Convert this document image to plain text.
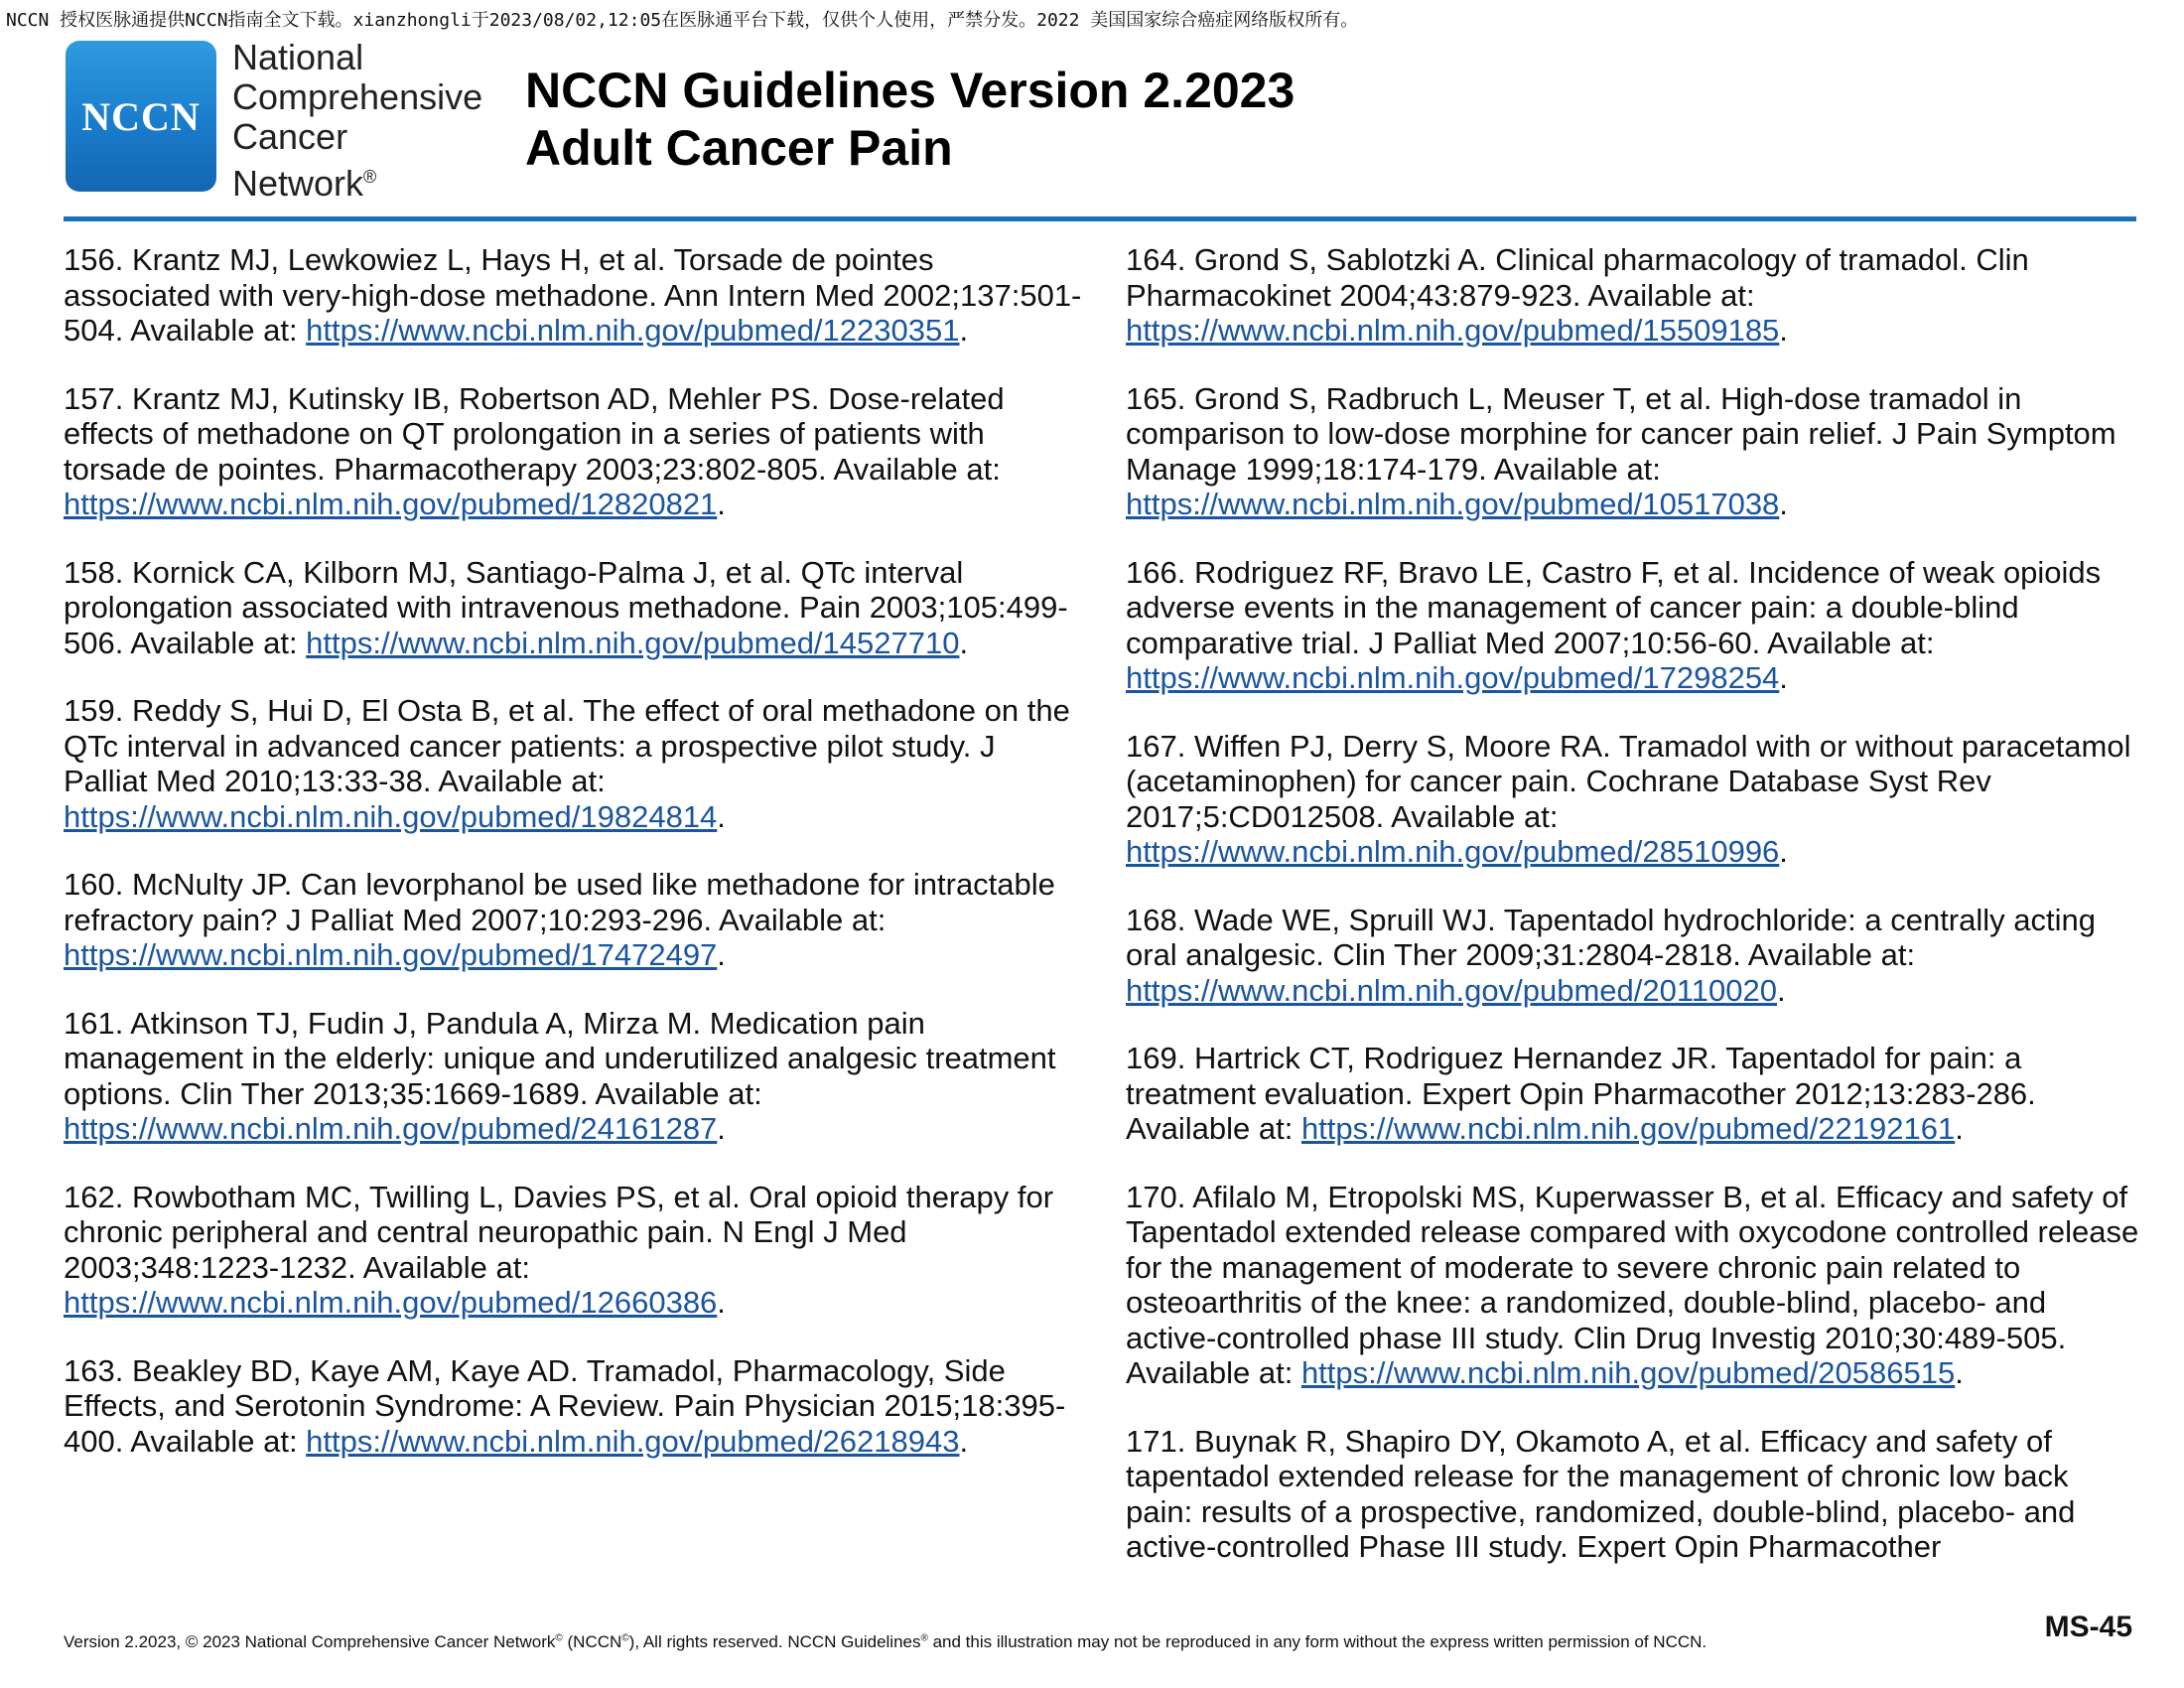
NCCN 授权医脉通提供NCCN指南全文下载。xianzhongli于2023/08/02,12:05在医脉通平台下载，仅供个人使用，严禁分发。2022 美国国家综合癌症网络版权所有。
NCCN
National
Comprehensive
Cancer
Network®
NCCN Guidelines Version 2.2023
Adult Cancer Pain

156. Krantz MJ, Lewkowiez L, Hays H, et al. Torsade de pointes associated with very-high-dose methadone. Ann Intern Med 2002;137:501-504. Available at: https://www.ncbi.nlm.nih.gov/pubmed/12230351.

157. Krantz MJ, Kutinsky IB, Robertson AD, Mehler PS. Dose-related effects of methadone on QT prolongation in a series of patients with torsade de pointes. Pharmacotherapy 2003;23:802-805. Available at: https://www.ncbi.nlm.nih.gov/pubmed/12820821.

158. Kornick CA, Kilborn MJ, Santiago-Palma J, et al. QTc interval prolongation associated with intravenous methadone. Pain 2003;105:499-506. Available at: https://www.ncbi.nlm.nih.gov/pubmed/14527710.

159. Reddy S, Hui D, El Osta B, et al. The effect of oral methadone on the QTc interval in advanced cancer patients: a prospective pilot study. J Palliat Med 2010;13:33-38. Available at: https://www.ncbi.nlm.nih.gov/pubmed/19824814.

160. McNulty JP. Can levorphanol be used like methadone for intractable refractory pain? J Palliat Med 2007;10:293-296. Available at: https://www.ncbi.nlm.nih.gov/pubmed/17472497.

161. Atkinson TJ, Fudin J, Pandula A, Mirza M. Medication pain management in the elderly: unique and underutilized analgesic treatment options. Clin Ther 2013;35:1669-1689. Available at: https://www.ncbi.nlm.nih.gov/pubmed/24161287.

162. Rowbotham MC, Twilling L, Davies PS, et al. Oral opioid therapy for chronic peripheral and central neuropathic pain. N Engl J Med 2003;348:1223-1232. Available at: https://www.ncbi.nlm.nih.gov/pubmed/12660386.

163. Beakley BD, Kaye AM, Kaye AD. Tramadol, Pharmacology, Side Effects, and Serotonin Syndrome: A Review. Pain Physician 2015;18:395-400. Available at: https://www.ncbi.nlm.nih.gov/pubmed/26218943.

164. Grond S, Sablotzki A. Clinical pharmacology of tramadol. Clin Pharmacokinet 2004;43:879-923. Available at: https://www.ncbi.nlm.nih.gov/pubmed/15509185.

165. Grond S, Radbruch L, Meuser T, et al. High-dose tramadol in comparison to low-dose morphine for cancer pain relief. J Pain Symptom Manage 1999;18:174-179. Available at: https://www.ncbi.nlm.nih.gov/pubmed/10517038.

166. Rodriguez RF, Bravo LE, Castro F, et al. Incidence of weak opioids adverse events in the management of cancer pain: a double-blind comparative trial. J Palliat Med 2007;10:56-60. Available at: https://www.ncbi.nlm.nih.gov/pubmed/17298254.

167. Wiffen PJ, Derry S, Moore RA. Tramadol with or without paracetamol (acetaminophen) for cancer pain. Cochrane Database Syst Rev 2017;5:CD012508. Available at: https://www.ncbi.nlm.nih.gov/pubmed/28510996.

168. Wade WE, Spruill WJ. Tapentadol hydrochloride: a centrally acting oral analgesic. Clin Ther 2009;31:2804-2818. Available at: https://www.ncbi.nlm.nih.gov/pubmed/20110020.

169. Hartrick CT, Rodriguez Hernandez JR. Tapentadol for pain: a treatment evaluation. Expert Opin Pharmacother 2012;13:283-286. Available at: https://www.ncbi.nlm.nih.gov/pubmed/22192161.

170. Afilalo M, Etropolski MS, Kuperwasser B, et al. Efficacy and safety of Tapentadol extended release compared with oxycodone controlled release for the management of moderate to severe chronic pain related to osteoarthritis of the knee: a randomized, double-blind, placebo- and active-controlled phase III study. Clin Drug Investig 2010;30:489-505. Available at: https://www.ncbi.nlm.nih.gov/pubmed/20586515.

171. Buynak R, Shapiro DY, Okamoto A, et al. Efficacy and safety of tapentadol extended release for the management of chronic low back pain: results of a prospective, randomized, double-blind, placebo- and active-controlled Phase III study. Expert Opin Pharmacother

Version 2.2023, © 2023 National Comprehensive Cancer Network© (NCCN©), All rights reserved. NCCN Guidelines® and this illustration may not be reproduced in any form without the express written permission of NCCN.	MS-45
